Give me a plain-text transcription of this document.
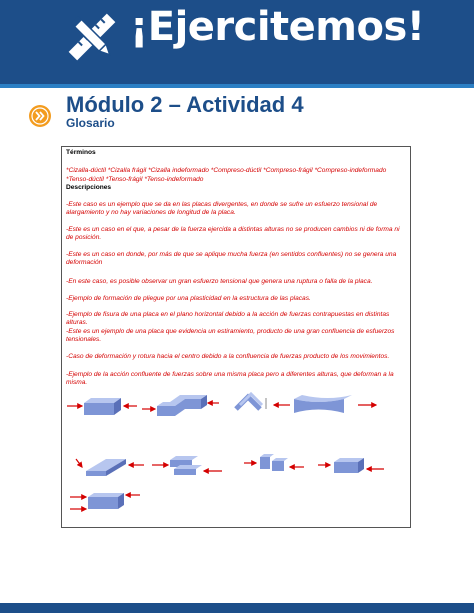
¡Ejercitemos!
Módulo 2 – Actividad 4
Glosario
Términos
*Cizalla-dúctil *Cizalla frágil *Cizalla indeformado *Compreso-dúctil *Compreso-frágil *Compreso-indeformado
*Tenso-dúctil *Tenso-frágil *Tenso-indeformado
Descripciones
-Este caso es un ejemplo que se da en las placas divergentes, en donde se sufre un esfuerzo tensional de alargamiento y no hay variaciones de longitud de la placa.
-Este es un caso en el que, a pesar de la fuerza ejercida a distintas alturas no se producen cambios ni de forma ni de posición.
-Este es un caso en donde, por más de que se aplique mucha fuerza (en sentidos confluentes) no se genera una deformación
-En este caso, es posible observar un gran esfuerzo tensional que genera una ruptura o falla de la placa.
-Ejemplo de formación de pliegue por una plasticidad en la estructura de las placas.
-Ejemplo de fisura de una placa en el plano horizontal debido a la acción de fuerzas contrapuestas en distintas alturas.
-Este es un ejemplo de una placa que evidencia un estiramiento, producto de una gran confluencia de esfuerzos tensionales.
-Caso de deformación y rotura hacia el centro debido a la confluencia de fuerzas producto de los movimientos.
-Ejemplo de la acción confluente de fuerzas sobre una misma placa pero a diferentes alturas, que deforman a la misma.
